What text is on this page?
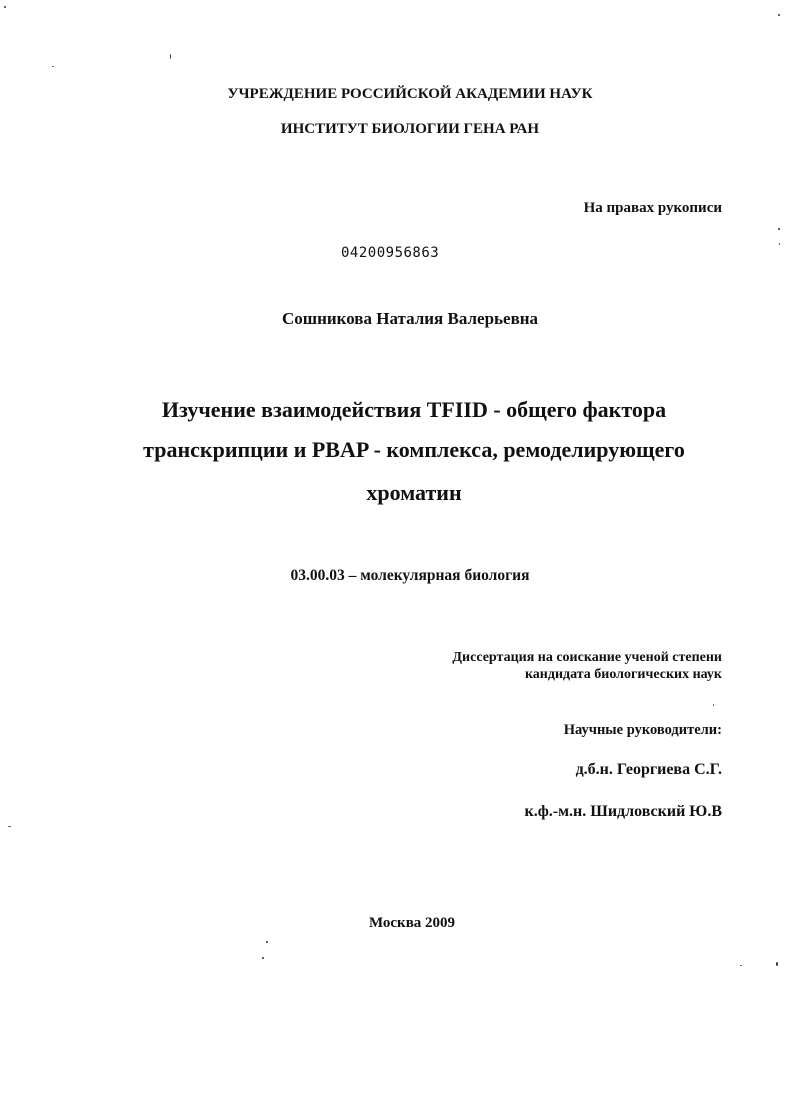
УЧРЕЖДЕНИЕ РОССИЙСКОЙ АКАДЕМИИ НАУК
ИНСТИТУТ БИОЛОГИИ ГЕНА РАН
На правах рукописи
04200956863
Сошникова Наталия Валерьевна
Изучение взаимодействия TFIID - общего фактора
транскрипции и PBAP - комплекса, ремоделирующего
хроматин
03.00.03 – молекулярная биология
Диссертация на соискание ученой степени
кандидата биологических наук
Научные руководители:
д.б.н. Георгиева С.Г.
к.ф.-м.н. Шидловский Ю.В
Москва 2009
